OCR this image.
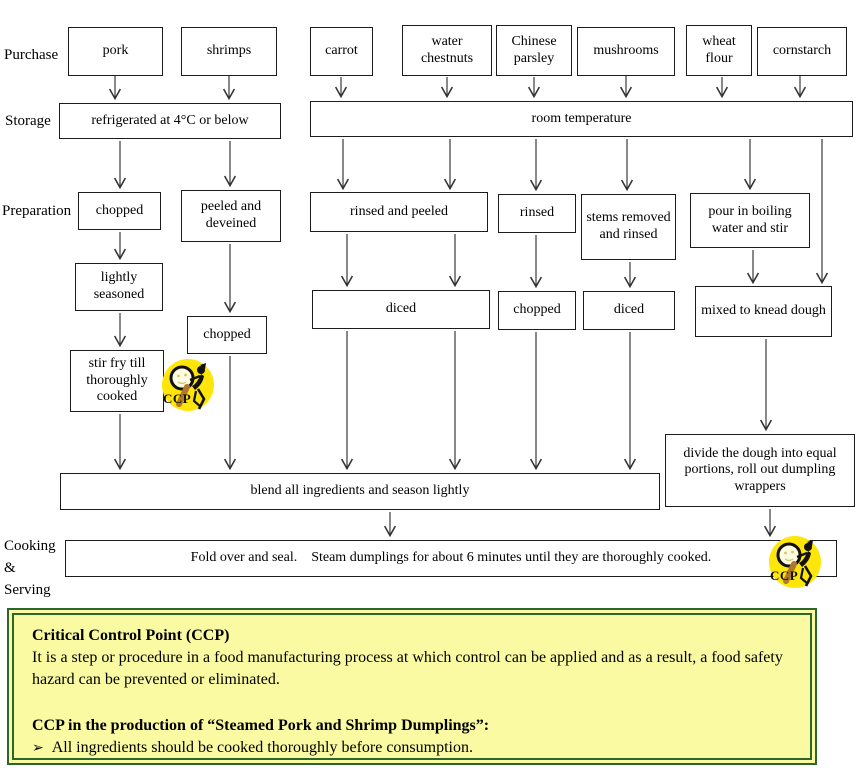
Purchase
Storage
Preparation
Cooking
&
Serving
pork	shrimps	carrot
water chestnuts
Chinese parsley	mushrooms
wheat flour	cornstarch
refrigerated at 4°C or below	room temperature
chopped	peeled and deveined
rinsed and peeled	rinsed	stems removed and rinsed
pour in boiling water and stir
lightly seasoned
chopped
diced	chopped	diced	mixed to knead dough
stir fry till thoroughly cooked
divide the dough into equal portions, roll out dumpling wrappers
blend all ingredients and season lightly
Fold over and seal.    Steam dumplings for about 6 minutes until they are thoroughly cooked.
CCP
CCP
Critical Control Point (CCP)
It is a step or procedure in a food manufacturing process at which control can be applied and as a result, a food safety hazard can be prevented or eliminated.
CCP in the production of “Steamed Pork and Shrimp Dumplings”:
➢ All ingredients should be cooked thoroughly before consumption.
